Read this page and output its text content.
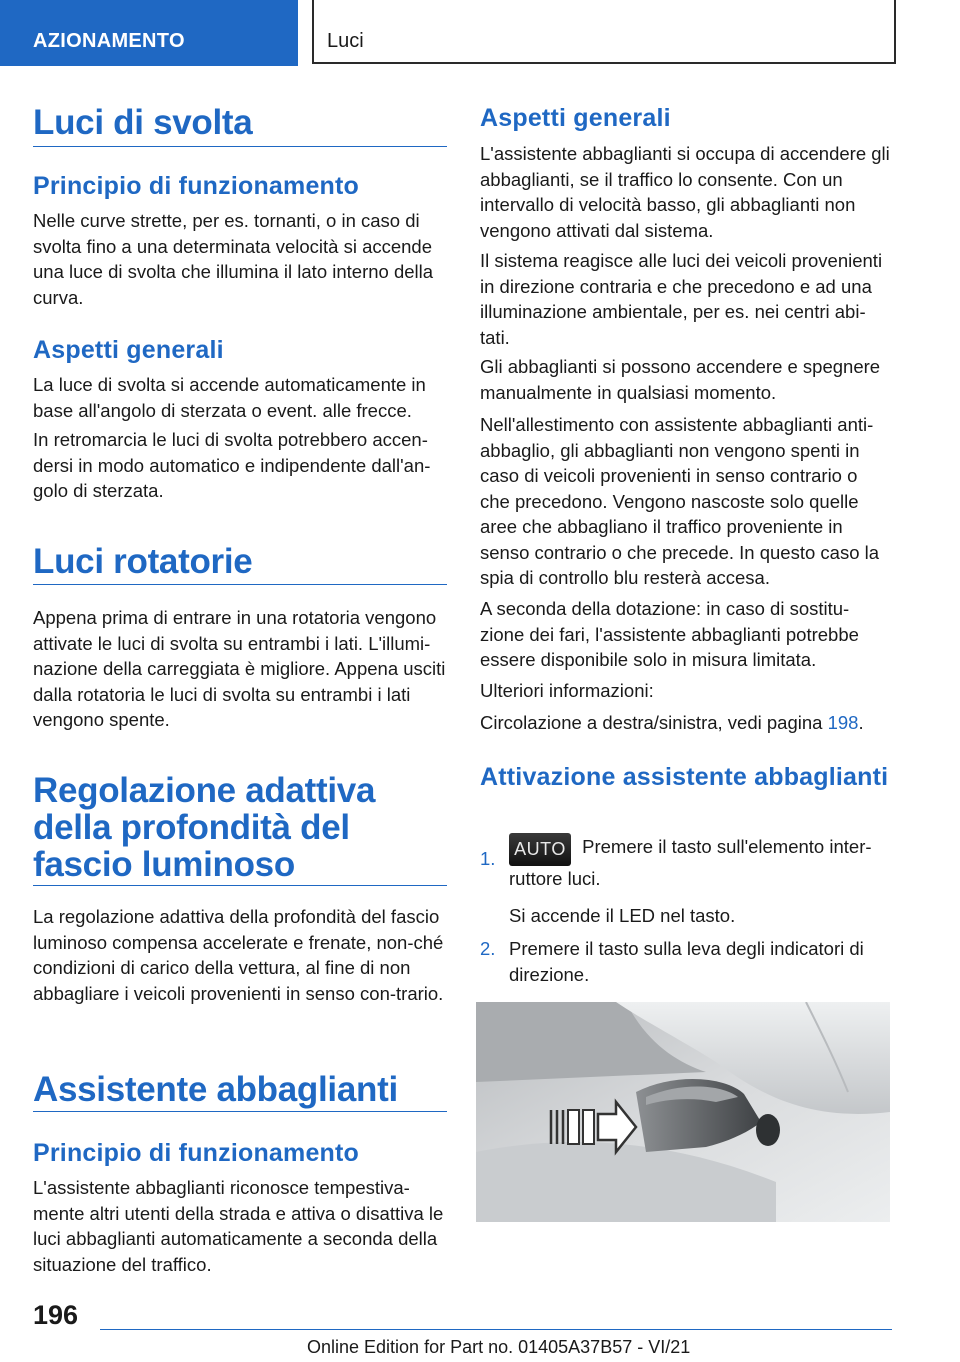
AZIONAMENTO	Luci
Luci di svolta
Principio di funzionamento
Nelle curve strette, per es. tornanti, o in caso di svolta fino a una determinata velocità si accende una luce di svolta che illumina il lato interno della curva.
Aspetti generali
La luce di svolta si accende automaticamente in base all'angolo di sterzata o event. alle frecce.
In retromarcia le luci di svolta potrebbero accen‐dersi in modo automatico e indipendente dall'an‐golo di sterzata.
Luci rotatorie
Appena prima di entrare in una rotatoria vengono attivate le luci di svolta su entrambi i lati. L'illumi‐nazione della carreggiata è migliore. Appena usciti dalla rotatoria le luci di svolta su entrambi i lati vengono spente.
Regolazione adattiva della profondità del fascio luminoso
La regolazione adattiva della profondità del fascio luminoso compensa accelerate e frenate, non‐ché condizioni di carico della vettura, al fine di non abbagliare i veicoli provenienti in senso con‐trario.
Assistente abbaglianti
Principio di funzionamento
L'assistente abbaglianti riconosce tempestiva‐mente altri utenti della strada e attiva o disattiva le luci abbaglianti automaticamente a seconda della situazione del traffico.
Aspetti generali
L'assistente abbaglianti si occupa di accendere gli abbaglianti, se il traffico lo consente. Con un intervallo di velocità basso, gli abbaglianti non vengono attivati dal sistema.
Il sistema reagisce alle luci dei veicoli provenienti in direzione contraria e che precedono e ad una illuminazione ambientale, per es. nei centri abi‐tati.
Gli abbaglianti si possono accendere e spegnere manualmente in qualsiasi momento.
Nell'allestimento con assistente abbaglianti anti‐abbaglio, gli abbaglianti non vengono spenti in caso di veicoli provenienti in senso contrario o che precedono. Vengono nascoste solo quelle aree che abbagliano il traffico proveniente in senso contrario o che precede. In questo caso la spia di controllo blu resterà accesa.
A seconda della dotazione: in caso di sostitu‐zione dei fari, l'assistente abbaglianti potrebbe essere disponibile solo in misura limitata.
Ulteriori informazioni:
Circolazione a destra/sinistra, vedi pagina 198.
Attivazione assistente abbaglianti
1. AUTO Premere il tasto sull'elemento inter‐ruttore luci.
Si accende il LED nel tasto.
2. Premere il tasto sulla leva degli indicatori di direzione.
196
Online Edition for Part no. 01405A37B57 - VI/21
